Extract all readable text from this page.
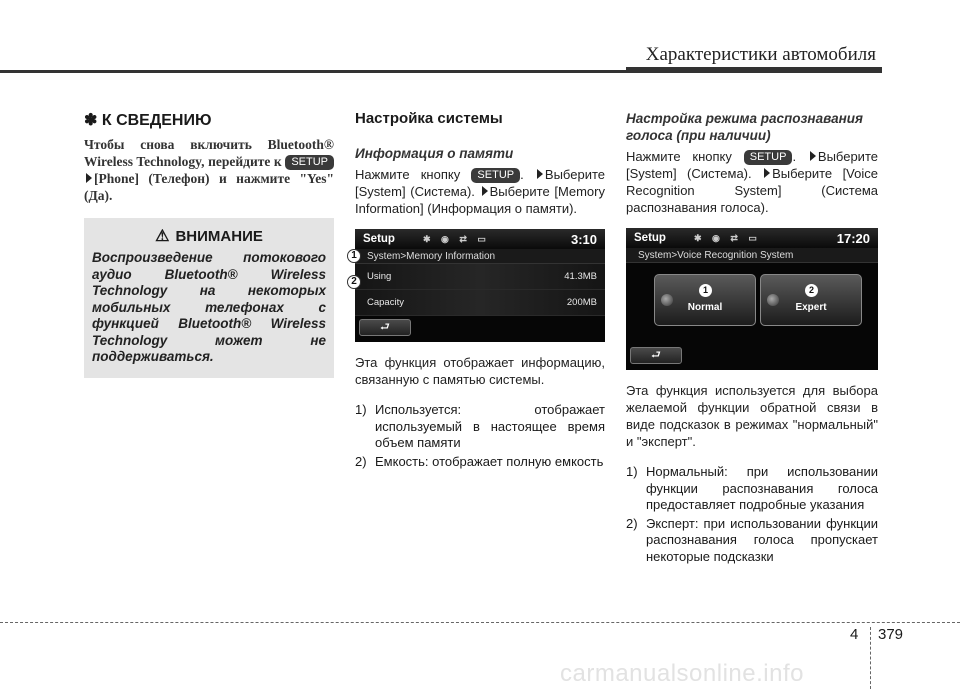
Характеристики автомобиля
✽ К СВЕДЕНИЮ
Чтобы снова включить Bluetooth® Wireless Technology, перейдите к SETUP[Phone] (Телефон) и нажмите "Yes" (Да).
⚠ ВНИМАНИЕ
Воспроизведение потокового аудио Bluetooth® Wireless Technology на некоторых мобильных телефонах с функцией Bluetooth® Wireless Technology может не поддерживаться.
Настройка системы
Информация о памяти
Нажмите кнопку SETUP . Выберите [System] (Система). Выберите [Memory Information] (Информация о памяти).
Setup	✱ ◉ ⇄ ▭	3:10
System>Memory Information
Using	41.3MB
Capacity	200MB
⮐
1
2
Эта функция отображает информацию, связанную с памятью системы.
1) Используется: отображает используемый в настоящее время объем памяти
2) Емкость: отображает полную емкость
Настройка режима распознавания голоса (при наличии)
Нажмите кнопку SETUP . Выберите [System] (Система). Выберите [Voice Recognition System] (Система распознавания голоса).
Setup	✱ ◉ ⇄ ▭	17:20
System>Voice Recognition System
1
Normal
2
Expert
⮐
Эта функция используется для выбора желаемой функции обратной связи в виде подсказок в режимах "нормальный" и "эксперт".
1) Нормальный: при использовании функции распознавания голоса предоставляет подробные указания
2) Эксперт: при использовании функции распознавания голоса пропускает некоторые подсказки
4 379
carmanualsonline.info
